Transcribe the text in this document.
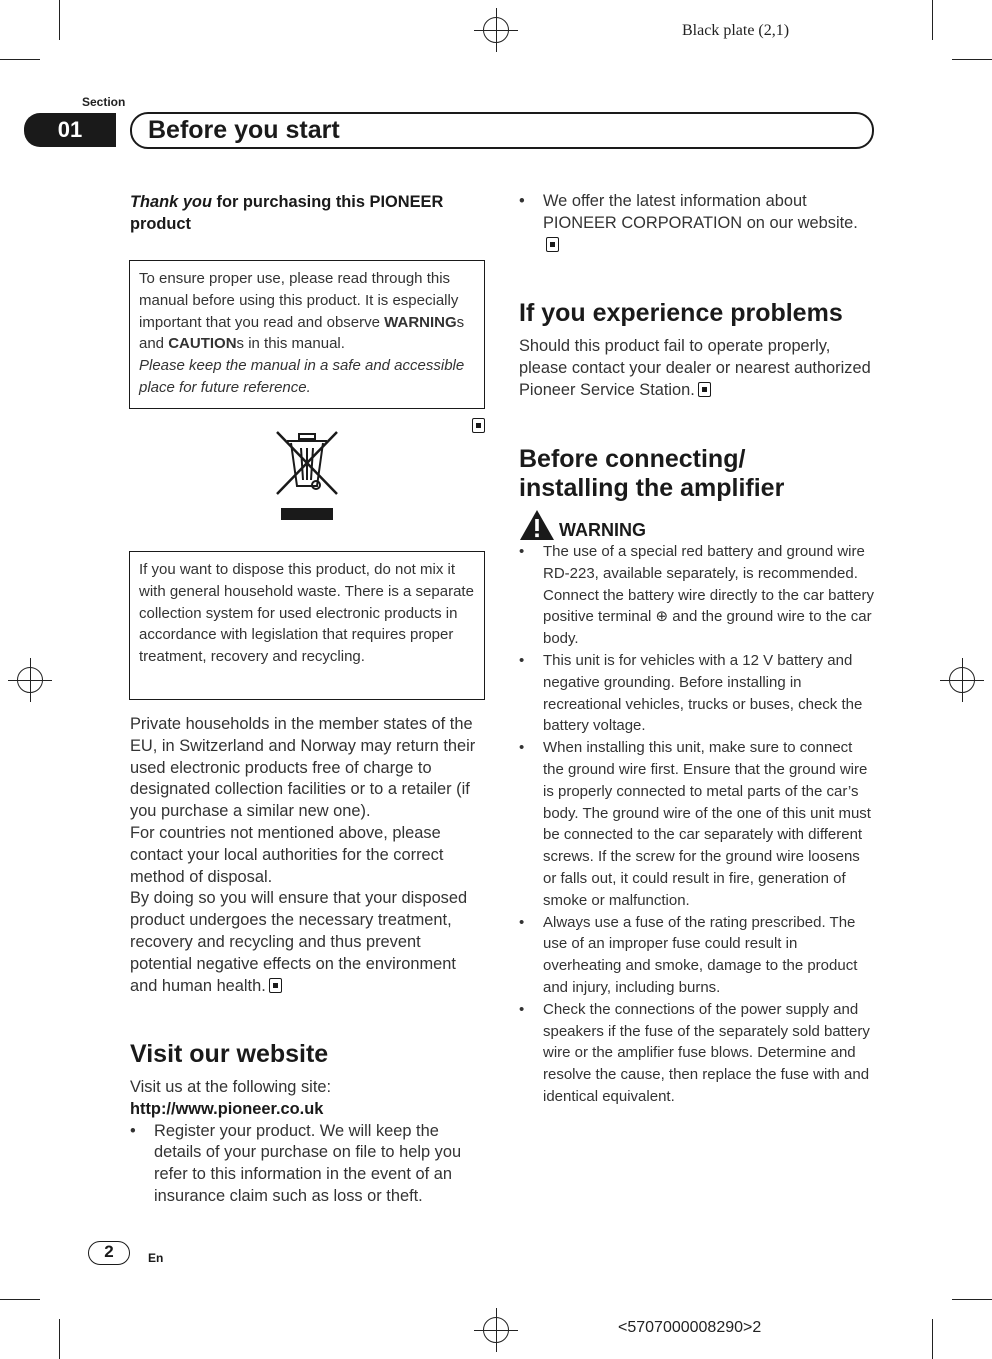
Black plate (2,1)
Section
01	Before you start
Thank you for purchasing this PIONEER product
To ensure proper use, please read through this manual before using this product. It is especially important that you read and observe WARNINGs and CAUTIONs in this manual.
Please keep the manual in a safe and accessible place for future reference.
If you want to dispose this product, do not mix it with general household waste. There is a separate collection system for used electronic products in accordance with legislation that requires proper treatment, recovery and recycling.
Private households in the member states of the EU, in Switzerland and Norway may return their used electronic products free of charge to designated collection facilities or to a retailer (if you purchase a similar new one).
For countries not mentioned above, please contact your local authorities for the correct method of disposal.
By doing so you will ensure that your disposed product undergoes the necessary treatment, recovery and recycling and thus prevent potential negative effects on the environment and human health.
Visit our website
Visit us at the following site:
http://www.pioneer.co.uk
• Register your product. We will keep the details of your purchase on file to help you refer to this information in the event of an insurance claim such as loss or theft.
• We offer the latest information about PIONEER CORPORATION on our website.
If you experience problems
Should this product fail to operate properly, please contact your dealer or nearest authorized Pioneer Service Station.
Before connecting/
installing the amplifier
WARNING
• The use of a special red battery and ground wire RD-223, available separately, is recommended. Connect the battery wire directly to the car battery positive terminal ⊕ and the ground wire to the car body.
• This unit is for vehicles with a 12 V battery and negative grounding. Before installing in recreational vehicles, trucks or buses, check the battery voltage.
• When installing this unit, make sure to connect the ground wire first. Ensure that the ground wire is properly connected to metal parts of the car’s body. The ground wire of the one of this unit must be connected to the car separately with different screws. If the screw for the ground wire loosens or falls out, it could result in fire, generation of smoke or malfunction.
• Always use a fuse of the rating prescribed. The use of an improper fuse could result in overheating and smoke, damage to the product and injury, including burns.
• Check the connections of the power supply and speakers if the fuse of the separately sold battery wire or the amplifier fuse blows. Determine and resolve the cause, then replace the fuse with and identical equivalent.
2	En
<5707000008290>2
